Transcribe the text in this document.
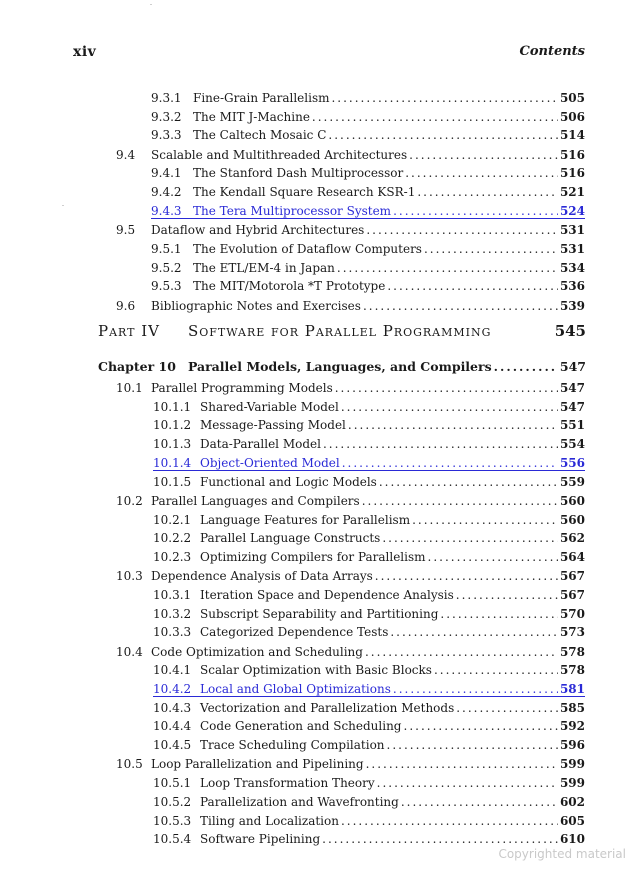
xiv	Contents
9.3.1 Fine-Grain Parallelism .....	505
9.3.2 The MIT J-Machine .....	506
9.3.3 The Caltech Mosaic C .....	514
9.4	Scalable and Multithreaded Architectures .....	516
9.4.1 The Stanford Dash Multiprocessor .....	516
9.4.2 The Kendall Square Research KSR-1 .....	521
9.4.3 The Tera Multiprocessor System .....	524
9.5	Dataflow and Hybrid Architectures .....	531
9.5.1 The Evolution of Dataflow Computers .....	531
9.5.2 The ETL/EM-4 in Japan .....	534
9.5.3 The MIT/Motorola *T Prototype .....	536
9.6	Bibliographic Notes and Exercises .....	539
Part IV Software for Parallel Programming	545
Chapter 10 Parallel Models, Languages, and Compilers .....	547
10.1 Parallel Programming Models .....	547
10.1.1 Shared-Variable Model .....	547
10.1.2 Message-Passing Model .....	551
10.1.3 Data-Parallel Model .....	554
10.1.4 Object-Oriented Model .....	556
10.1.5 Functional and Logic Models .....	559
10.2 Parallel Languages and Compilers .....	560
10.2.1 Language Features for Parallelism .....	560
10.2.2 Parallel Language Constructs .....	562
10.2.3 Optimizing Compilers for Parallelism .....	564
10.3 Dependence Analysis of Data Arrays .....	567
10.3.1 Iteration Space and Dependence Analysis .....	567
10.3.2 Subscript Separability and Partitioning .....	570
10.3.3 Categorized Dependence Tests .....	573
10.4 Code Optimization and Scheduling .....	578
10.4.1 Scalar Optimization with Basic Blocks .....	578
10.4.2 Local and Global Optimizations .....	581
10.4.3 Vectorization and Parallelization Methods .....	585
10.4.4 Code Generation and Scheduling .....	592
10.4.5 Trace Scheduling Compilation .....	596
10.5 Loop Parallelization and Pipelining .....	599
10.5.1 Loop Transformation Theory .....	599
10.5.2 Parallelization and Wavefronting .....	602
10.5.3 Tiling and Localization .....	605
10.5.4 Software Pipelining .....	610
Copyrighted material
